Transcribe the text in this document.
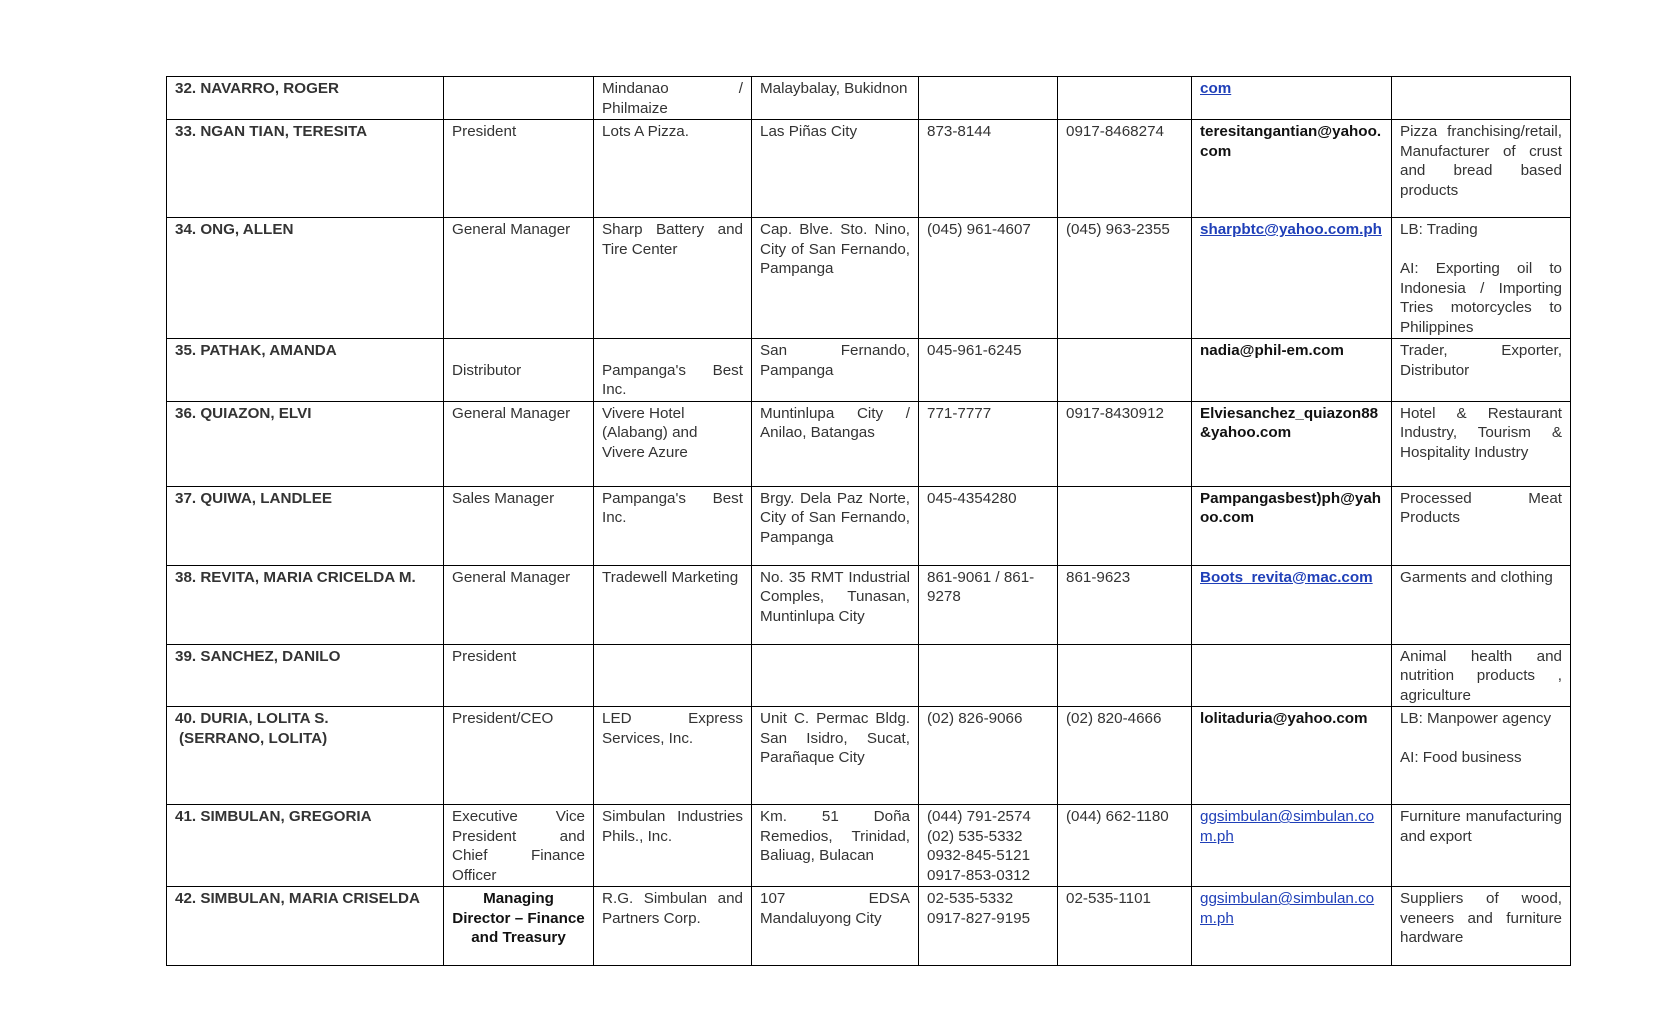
32. NAVARRO, ROGER		Mindanao / Philmaize	Malaybalay, Bukidnon			com	
33. NGAN TIAN, TERESITA	President	Lots A Pizza.	Las Piñas City	873-8144	0917-8468274	teresitangantian@yahoo.com	Pizza franchising/retail, Manufacturer of crust and bread based products
34. ONG, ALLEN	General Manager	Sharp Battery and Tire Center	Cap. Blve. Sto. Nino, City of San Fernando, Pampanga	(045) 961-4607	(045) 963-2355	sharpbtc@yahoo.com.ph	LB: Trading
AI: Exporting oil to Indonesia / Importing Tries motorcycles to Philippines

35. PATHAK, AMANDA	Distributor	Pampanga's Best Inc.	San Fernando, Pampanga	045-961-6245		nadia@phil-em.com	Trader, Exporter, Distributor
36. QUIAZON, ELVI	General Manager	Vivere Hotel (Alabang) and Vivere Azure	Muntinlupa City / Anilao, Batangas	771-7777	0917-8430912	Elviesanchez_quiazon88&yahoo.com	Hotel & Restaurant Industry, Tourism & Hospitality Industry
37. QUIWA, LANDLEE	Sales Manager	Pampanga's Best Inc.	Brgy. Dela Paz Norte, City of San Fernando, Pampanga	045-4354280		Pampangasbest)ph@yahoo.com	Processed Meat Products
38. REVITA, MARIA CRICELDA M.	General Manager	Tradewell Marketing	No. 35 RMT Industrial Comples, Tunasan, Muntinlupa City	861-9061 / 861-9278	861-9623	Boots_revita@mac.com	Garments and clothing
39. SANCHEZ, DANILO	President						Animal health and nutrition products , agriculture

40. DURIA, LOLITA S.
(SERRANO, LOLITA)	President/CEO	LED Express Services, Inc.	Unit C. Permac Bldg. San Isidro, Sucat, Parañaque City	(02) 826-9066	(02) 820-4666	lolitaduria@yahoo.com	LB: Manpower agency
AI: Food business

41. SIMBULAN, GREGORIA	Executive Vice President and Chief Finance Officer	Simbulan Industries Phils., Inc.	Km. 51 Doña Remedios, Trinidad, Baliuag, Bulacan	(044) 791-2574
(02) 535-5332
0932-845-5121
0917-853-0312	(044) 662-1180	ggsimbulan@simbulan.com.ph	Furniture manufacturing and export
42. SIMBULAN, MARIA CRISELDA	Managing Director – Finance and Treasury	R.G. Simbulan and Partners Corp.	107 EDSA Mandaluyong City	02-535-5332
0917-827-9195	02-535-1101	ggsimbulan@simbulan.com.ph	Suppliers of wood, veneers and furniture hardware
